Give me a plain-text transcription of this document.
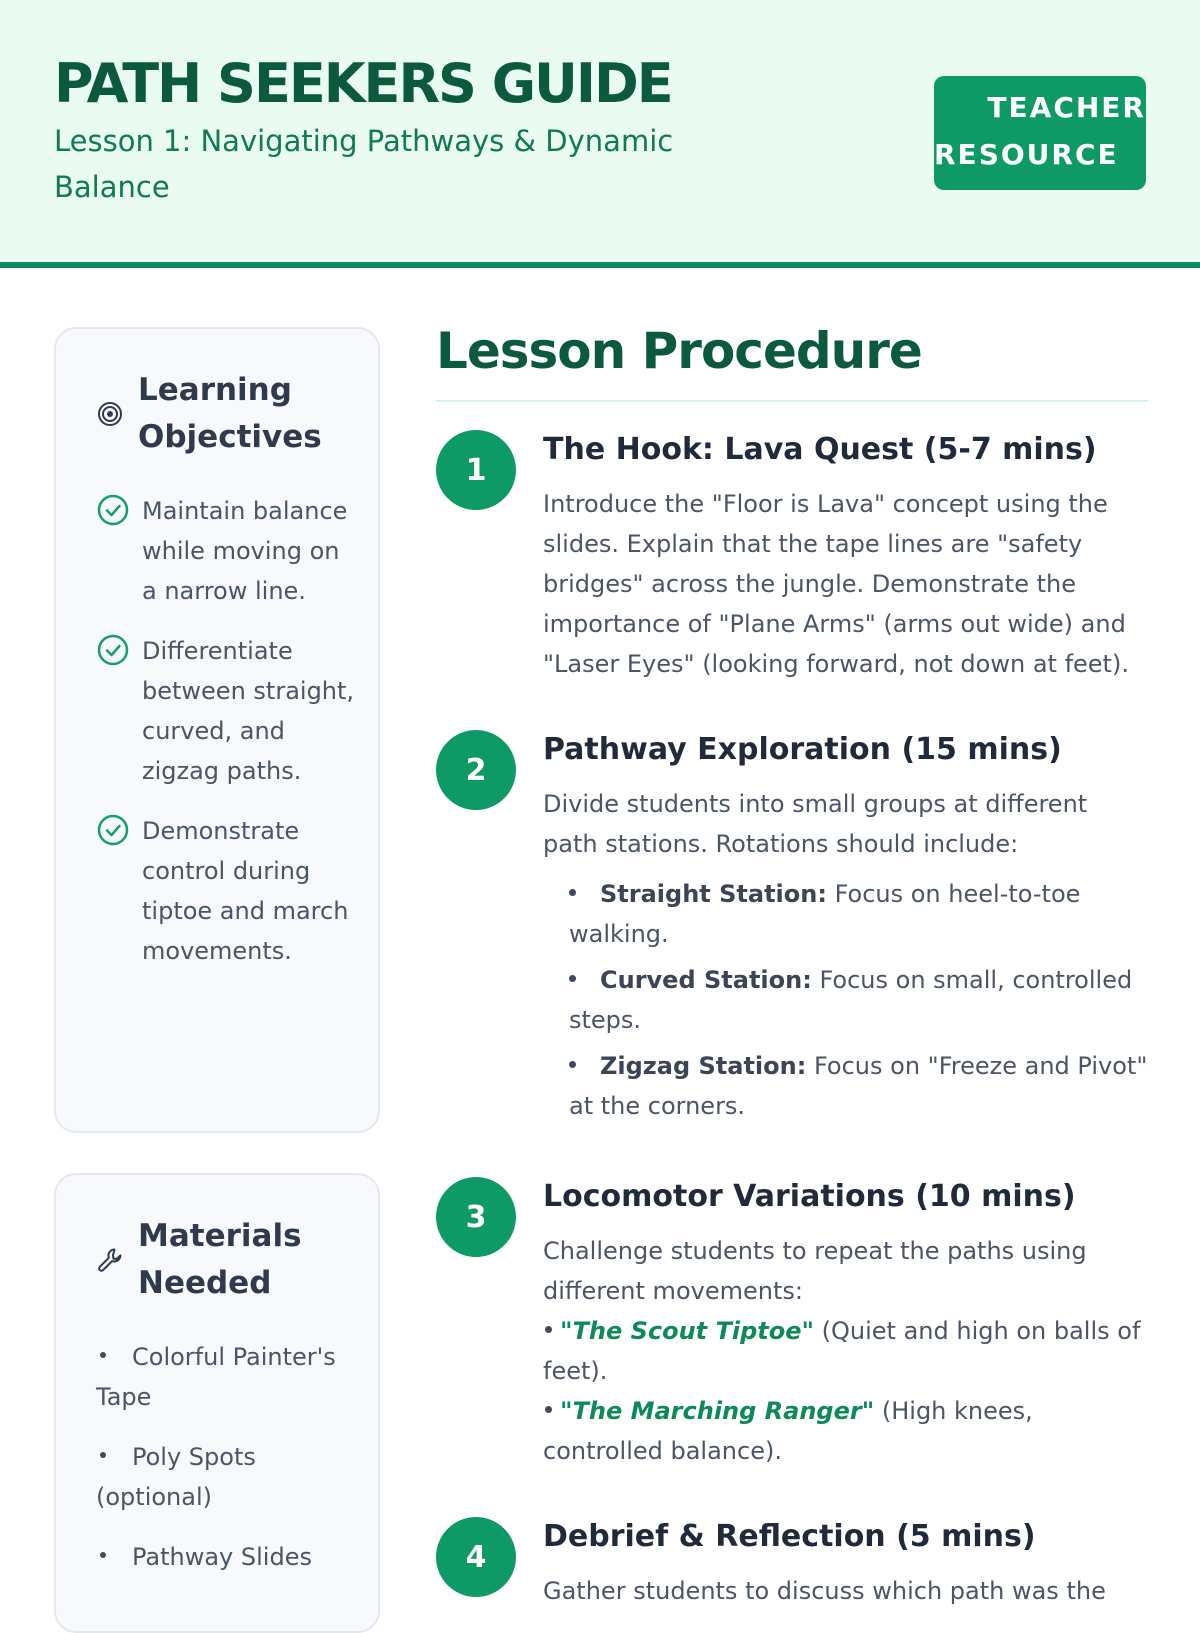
PATH SEEKERS GUIDE

Lesson 1: Navigating Pathways & Dynamic Balance

TEACHER
RESOURCE
Learning Objectives
Maintain balance while moving on a narrow line.
Differentiate between straight, curved, and zigzag paths.
Demonstrate control during tiptoe and march movements.
Materials Needed
Colorful Painter's Tape
Poly Spots (optional)
Pathway Slides
Lesson Procedure
1
The Hook: Lava Quest (5-7 mins)

Introduce the "Floor is Lava" concept using the slides. Explain that the tape lines are "safety bridges" across the jungle. Demonstrate the importance of "Plane Arms" (arms out wide) and "Laser Eyes" (looking forward, not down at feet).

2
Pathway Exploration (15 mins)

Divide students into small groups at different path stations. Rotations should include:

Straight Station: Focus on heel-to-toe walking.
Curved Station: Focus on small, controlled steps.
Zigzag Station: Focus on "Freeze and Pivot" at the corners.
3
Locomotor Variations (10 mins)

Challenge students to repeat the paths using different movements:

"The Scout Tiptoe" (Quiet and high on balls of feet).

"The Marching Ranger" (High knees, controlled balance).

4
Debrief & Reflection (5 mins)

Gather students to discuss which path was the
